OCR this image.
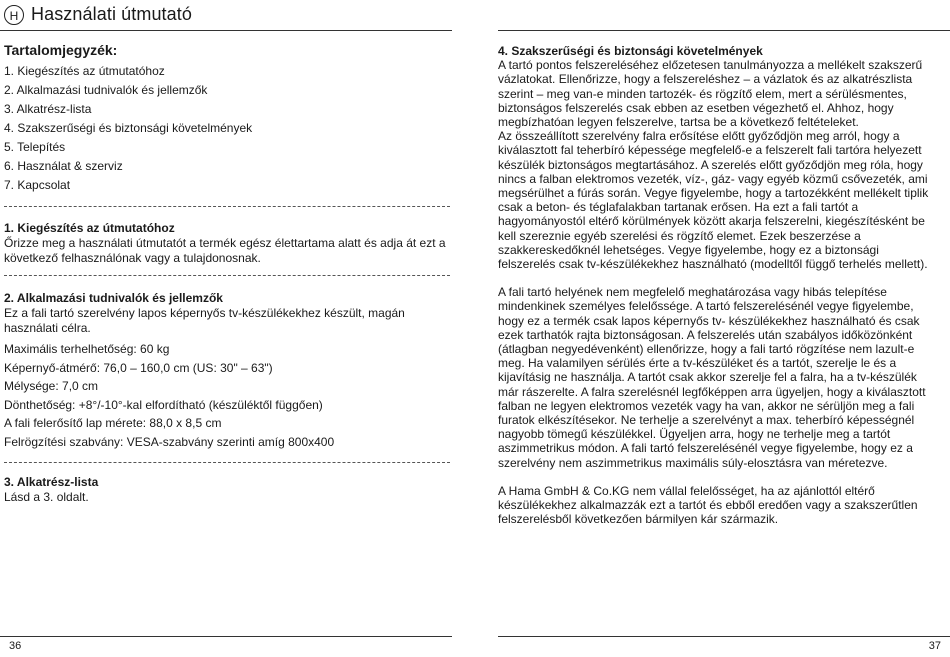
H Használati útmutató

Tartalomjegyzék:

1. Kiegészítés az útmutatóhoz

2. Alkalmazási tudnivalók és jellemzők

3. Alkatrész-lista

4. Szakszerűségi és biztonsági követelmények

5. Telepítés

6. Használat & szerviz

7. Kapcsolat

1. Kiegészítés az útmutatóhoz

Őrizze meg a használati útmutatót a termék egész élettartama alatt és adja át ezt a következő felhasználónak vagy a tulajdonosnak.

2. Alkalmazási tudnivalók és jellemzők

Ez a fali tartó szerelvény lapos képernyős tv-készülékekhez készült, magán használati célra.

Maximális terhelhetőség: 60 kg

Képernyő-átmérő: 76,0 – 160,0 cm (US: 30" – 63")

Mélysége: 7,0 cm

Dönthetőség: +8°/-10°-kal elfordítható (készüléktől függően)

A fali felerősítő lap mérete: 88,0 x 8,5 cm

Felrögzítési szabvány: VESA-szabvány szerinti amíg 800x400

3. Alkatrész-lista

Lásd a 3. oldalt.

36

4. Szakszerűségi és biztonsági követelmények

A tartó pontos felszereléséhez előzetesen tanulmányozza a mellékelt szakszerű vázlatokat. Ellenőrizze, hogy a felszereléshez – a vázlatok és az alkatrészlista szerint – meg van-e minden tartozék- és rögzítő elem, mert a sérülésmentes, biztonságos felszerelés csak ebben az esetben végezhető el. Ahhoz, hogy megbízhatóan legyen felszerelve, tartsa be a következő feltételeket.

Az összeállított szerelvény falra erősítése előtt győződjön meg arról, hogy a kiválasztott fal teherbíró képessége megfelelő-e a felszerelt fali tartóra helyezett készülék biztonságos megtartásához. A szerelés előtt győződjön meg róla, hogy nincs a falban elektromos vezeték, víz-, gáz- vagy egyéb közmű csővezeték, ami megsérülhet a fúrás során. Vegye figyelembe, hogy a tartozékként mellékelt tiplik csak a beton- és téglafalakban tartanak erősen. Ha ezt a fali tartót a hagyományostól eltérő körülmények között akarja felszerelni, kiegészítésként be kell szereznie egyéb szerelési és rögzítő elemet. Ezek beszerzése a szakkereskedőknél lehetséges. Vegye figyelembe, hogy ez a biztonsági felszerelés csak tv-készülékekhez használható (modelltől függő terhelés mellett).

A fali tartó helyének nem megfelelő meghatározása vagy hibás telepítése mindenkinek személyes felelőssége. A tartó felszerelésénél vegye figyelembe, hogy ez a termék csak lapos képernyős tv- készülékekhez használható és csak ezek tarthatók rajta biztonságosan. A felszerelés után szabályos időközönként (átlagban negyedévenként) ellenőrizze, hogy a fali tartó rögzítése nem lazult-e meg. Ha valamilyen sérülés érte a tv-készüléket és a tartót, szerelje le és a kijavításig ne használja. A tartót csak akkor szerelje fel a falra, ha a tv-készülék már rászerelte. A falra szerelésnél legfőképpen arra ügyeljen, hogy a kiválasztott falban ne legyen elektromos vezeték vagy ha van, akkor ne sérüljön meg a fali furatok elkészítésekor. Ne terhelje a szerelvényt a max. teherbíró képességnél nagyobb tömegű készülékkel. Ügyeljen arra, hogy ne terhelje meg a tartót aszimmetrikus módon. A fali tartó felszerelésénél vegye figyelembe, hogy ez a szerelvény nem aszimmetrikus maximális súly-elosztásra van méretezve.

A Hama GmbH & Co.KG nem vállal felelősséget, ha az ajánlottól eltérő készülékekhez alkalmazzák ezt a tartót és ebből eredően vagy a szakszerűtlen felszerelésből következően bármilyen kár származik.

37
